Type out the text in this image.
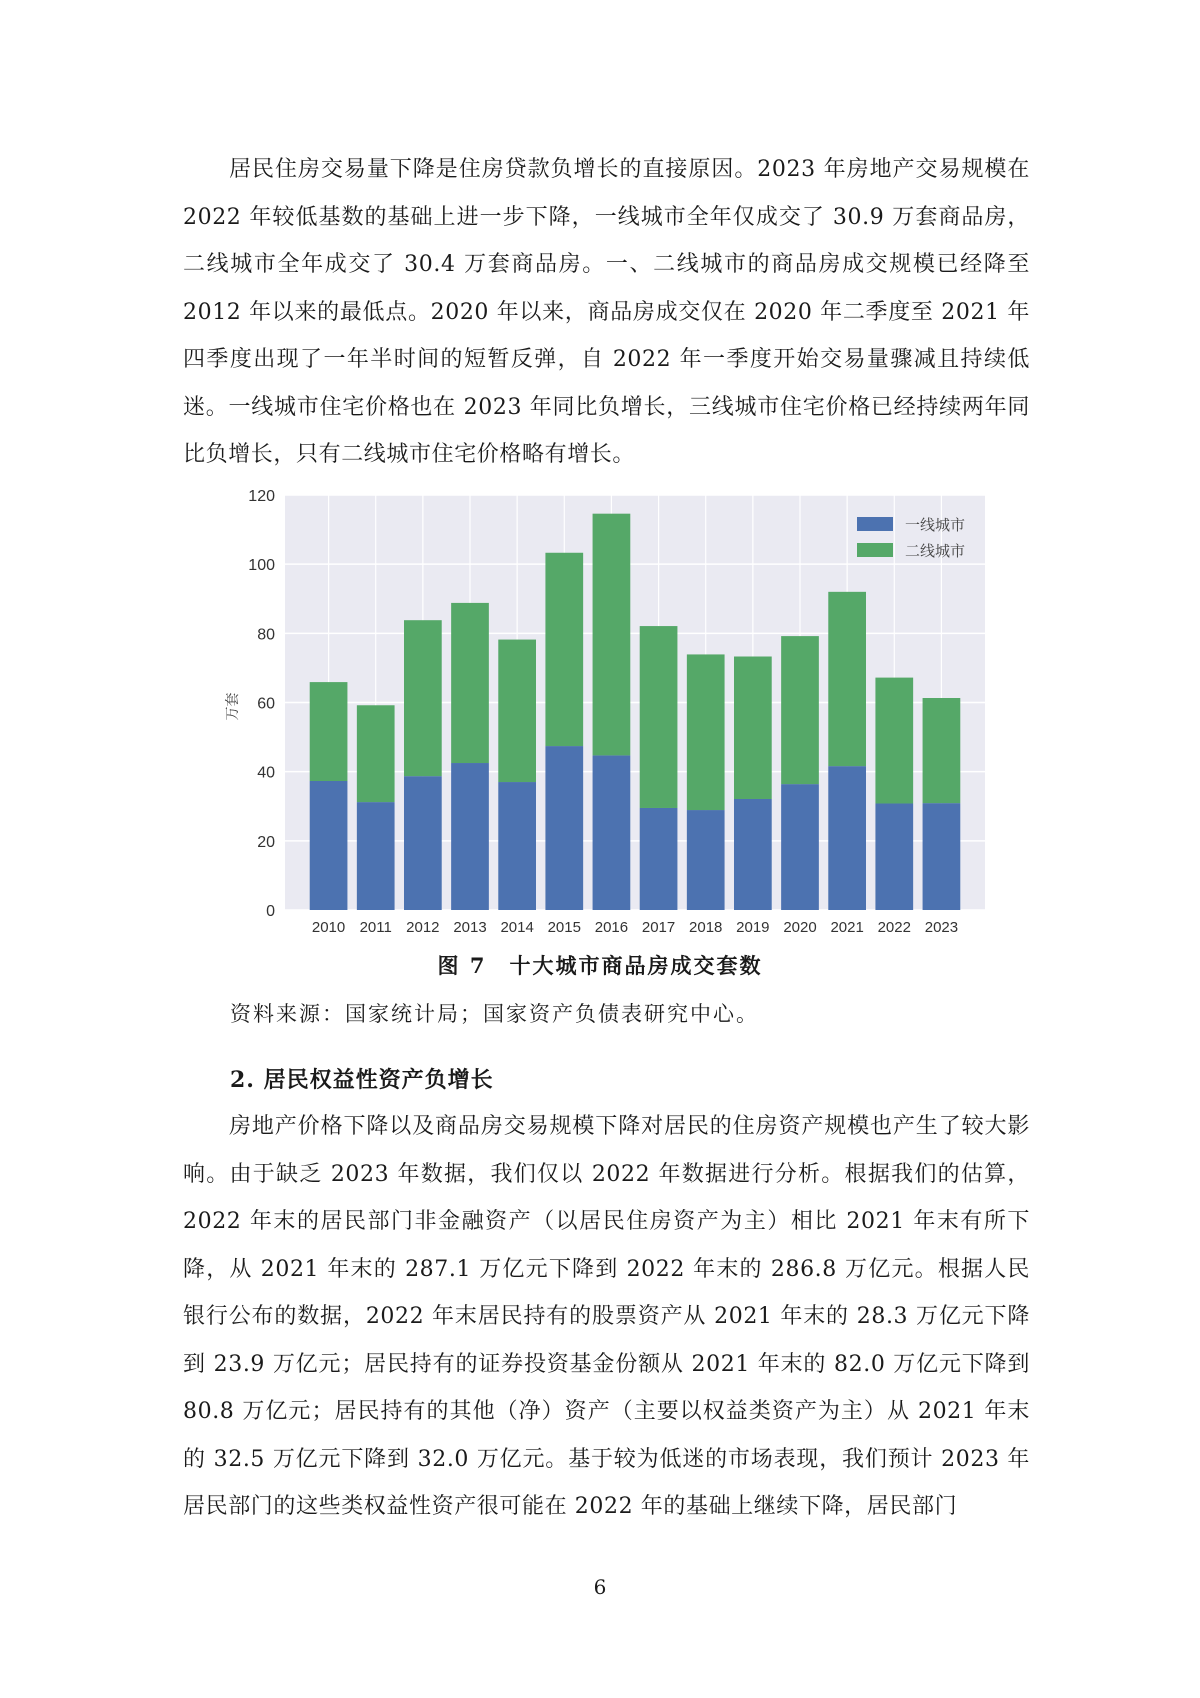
居民住房交易量下降是住房贷款负增长的直接原因。2023 年房地产交易规模在 2022 年较低基数的基础上进一步下降，一线城市全年仅成交了 30.9 万套商品房，二线城市全年成交了 30.4 万套商品房。一、二线城市的商品房成交规模已经降至 2012 年以来的最低点。2020 年以来，商品房成交仅在 2020 年二季度至 2021 年四季度出现了一年半时间的短暂反弹，自 2022 年一季度开始交易量骤减且持续低迷。一线城市住宅价格也在 2023 年同比负增长，三线城市住宅价格已经持续两年同比负增长，只有二线城市住宅价格略有增长。

0
20
40
60
80
100
120
万套
2010 2011 2012 2013 2014 2015 2016 2017 2018 2019 2020 2021 2022 2023
一线城市
二线城市
图 7　十大城市商品房成交套数
资料来源：国家统计局；国家资产负债表研究中心。
2. 居民权益性资产负增长

房地产价格下降以及商品房交易规模下降对居民的住房资产规模也产生了较大影响。由于缺乏 2023 年数据，我们仅以 2022 年数据进行分析。根据我们的估算，2022 年末的居民部门非金融资产（以居民住房资产为主）相比 2021 年末有所下降，从 2021 年末的 287.1 万亿元下降到 2022 年末的 286.8 万亿元。根据人民银行公布的数据，2022 年末居民持有的股票资产从 2021 年末的 28.3 万亿元下降到 23.9 万亿元；居民持有的证券投资基金份额从 2021 年末的 82.0 万亿元下降到 80.8 万亿元；居民持有的其他（净）资产（主要以权益类资产为主）从 2021 年末的 32.5 万亿元下降到 32.0 万亿元。基于较为低迷的市场表现，我们预计 2023 年居民部门的这些类权益性资产很可能在 2022 年的基础上继续下降，居民部门

6
